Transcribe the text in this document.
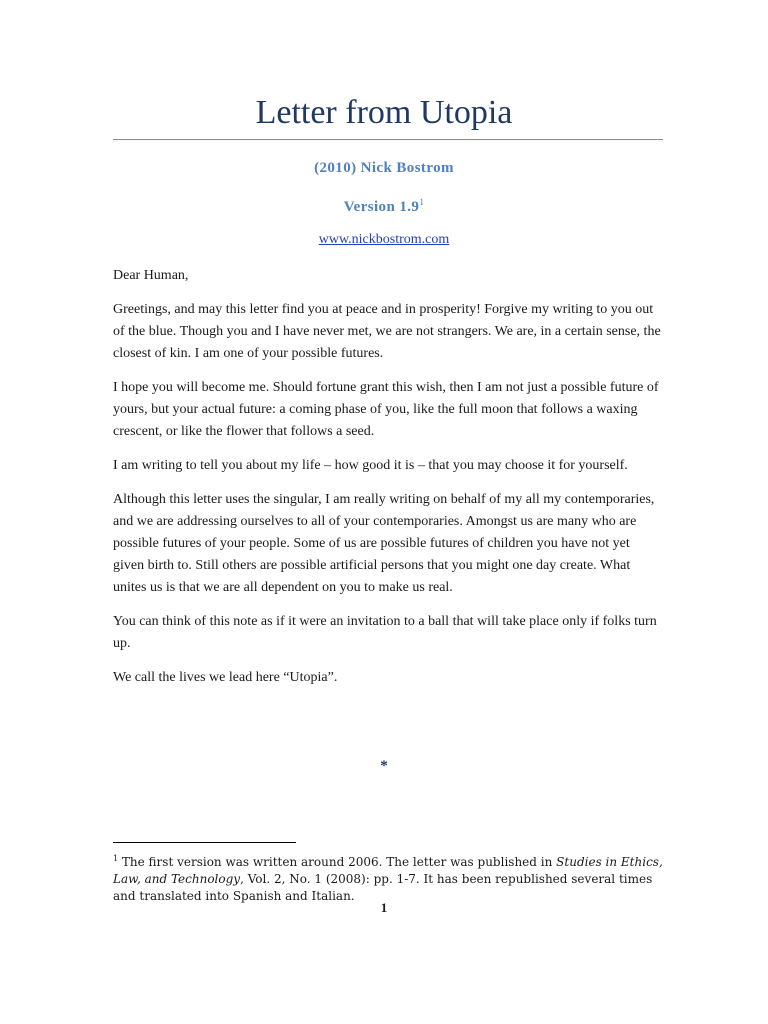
Letter from Utopia
(2010) Nick Bostrom
Version $1.9^1$
www.nickbostrom.com

Dear Human,

Greetings, and may this letter find you at peace and in prosperity! Forgive my writing to you out of the blue. Though you and I have never met, we are not strangers. We are, in a certain sense, the closest of kin. I am one of your possible futures.

I hope you will become me. Should fortune grant this wish, then I am not just a possible future of yours, but your actual future: a coming phase of you, like the full moon that follows a waxing crescent, or like the flower that follows a seed.

I am writing to tell you about my life – how good it is – that you may choose it for yourself.

Although this letter uses the singular, I am really writing on behalf of my all my contemporaries, and we are addressing ourselves to all of your contemporaries. Amongst us are many who are possible futures of your people. Some of us are possible futures of children you have not yet given birth to. Still others are possible artificial persons that you might one day create. What unites us is that we are all dependent on you to make us real.

You can think of this note as if it were an invitation to a ball that will take place only if folks turn up.

We call the lives we lead here “Utopia”.

*
$^1$ The first version was written around 2006. The letter was published in Studies in Ethics, Law, and Technology, Vol. 2, No. 1 (2008): pp. 1-7. It has been republished several times and translated into Spanish and Italian.
1
